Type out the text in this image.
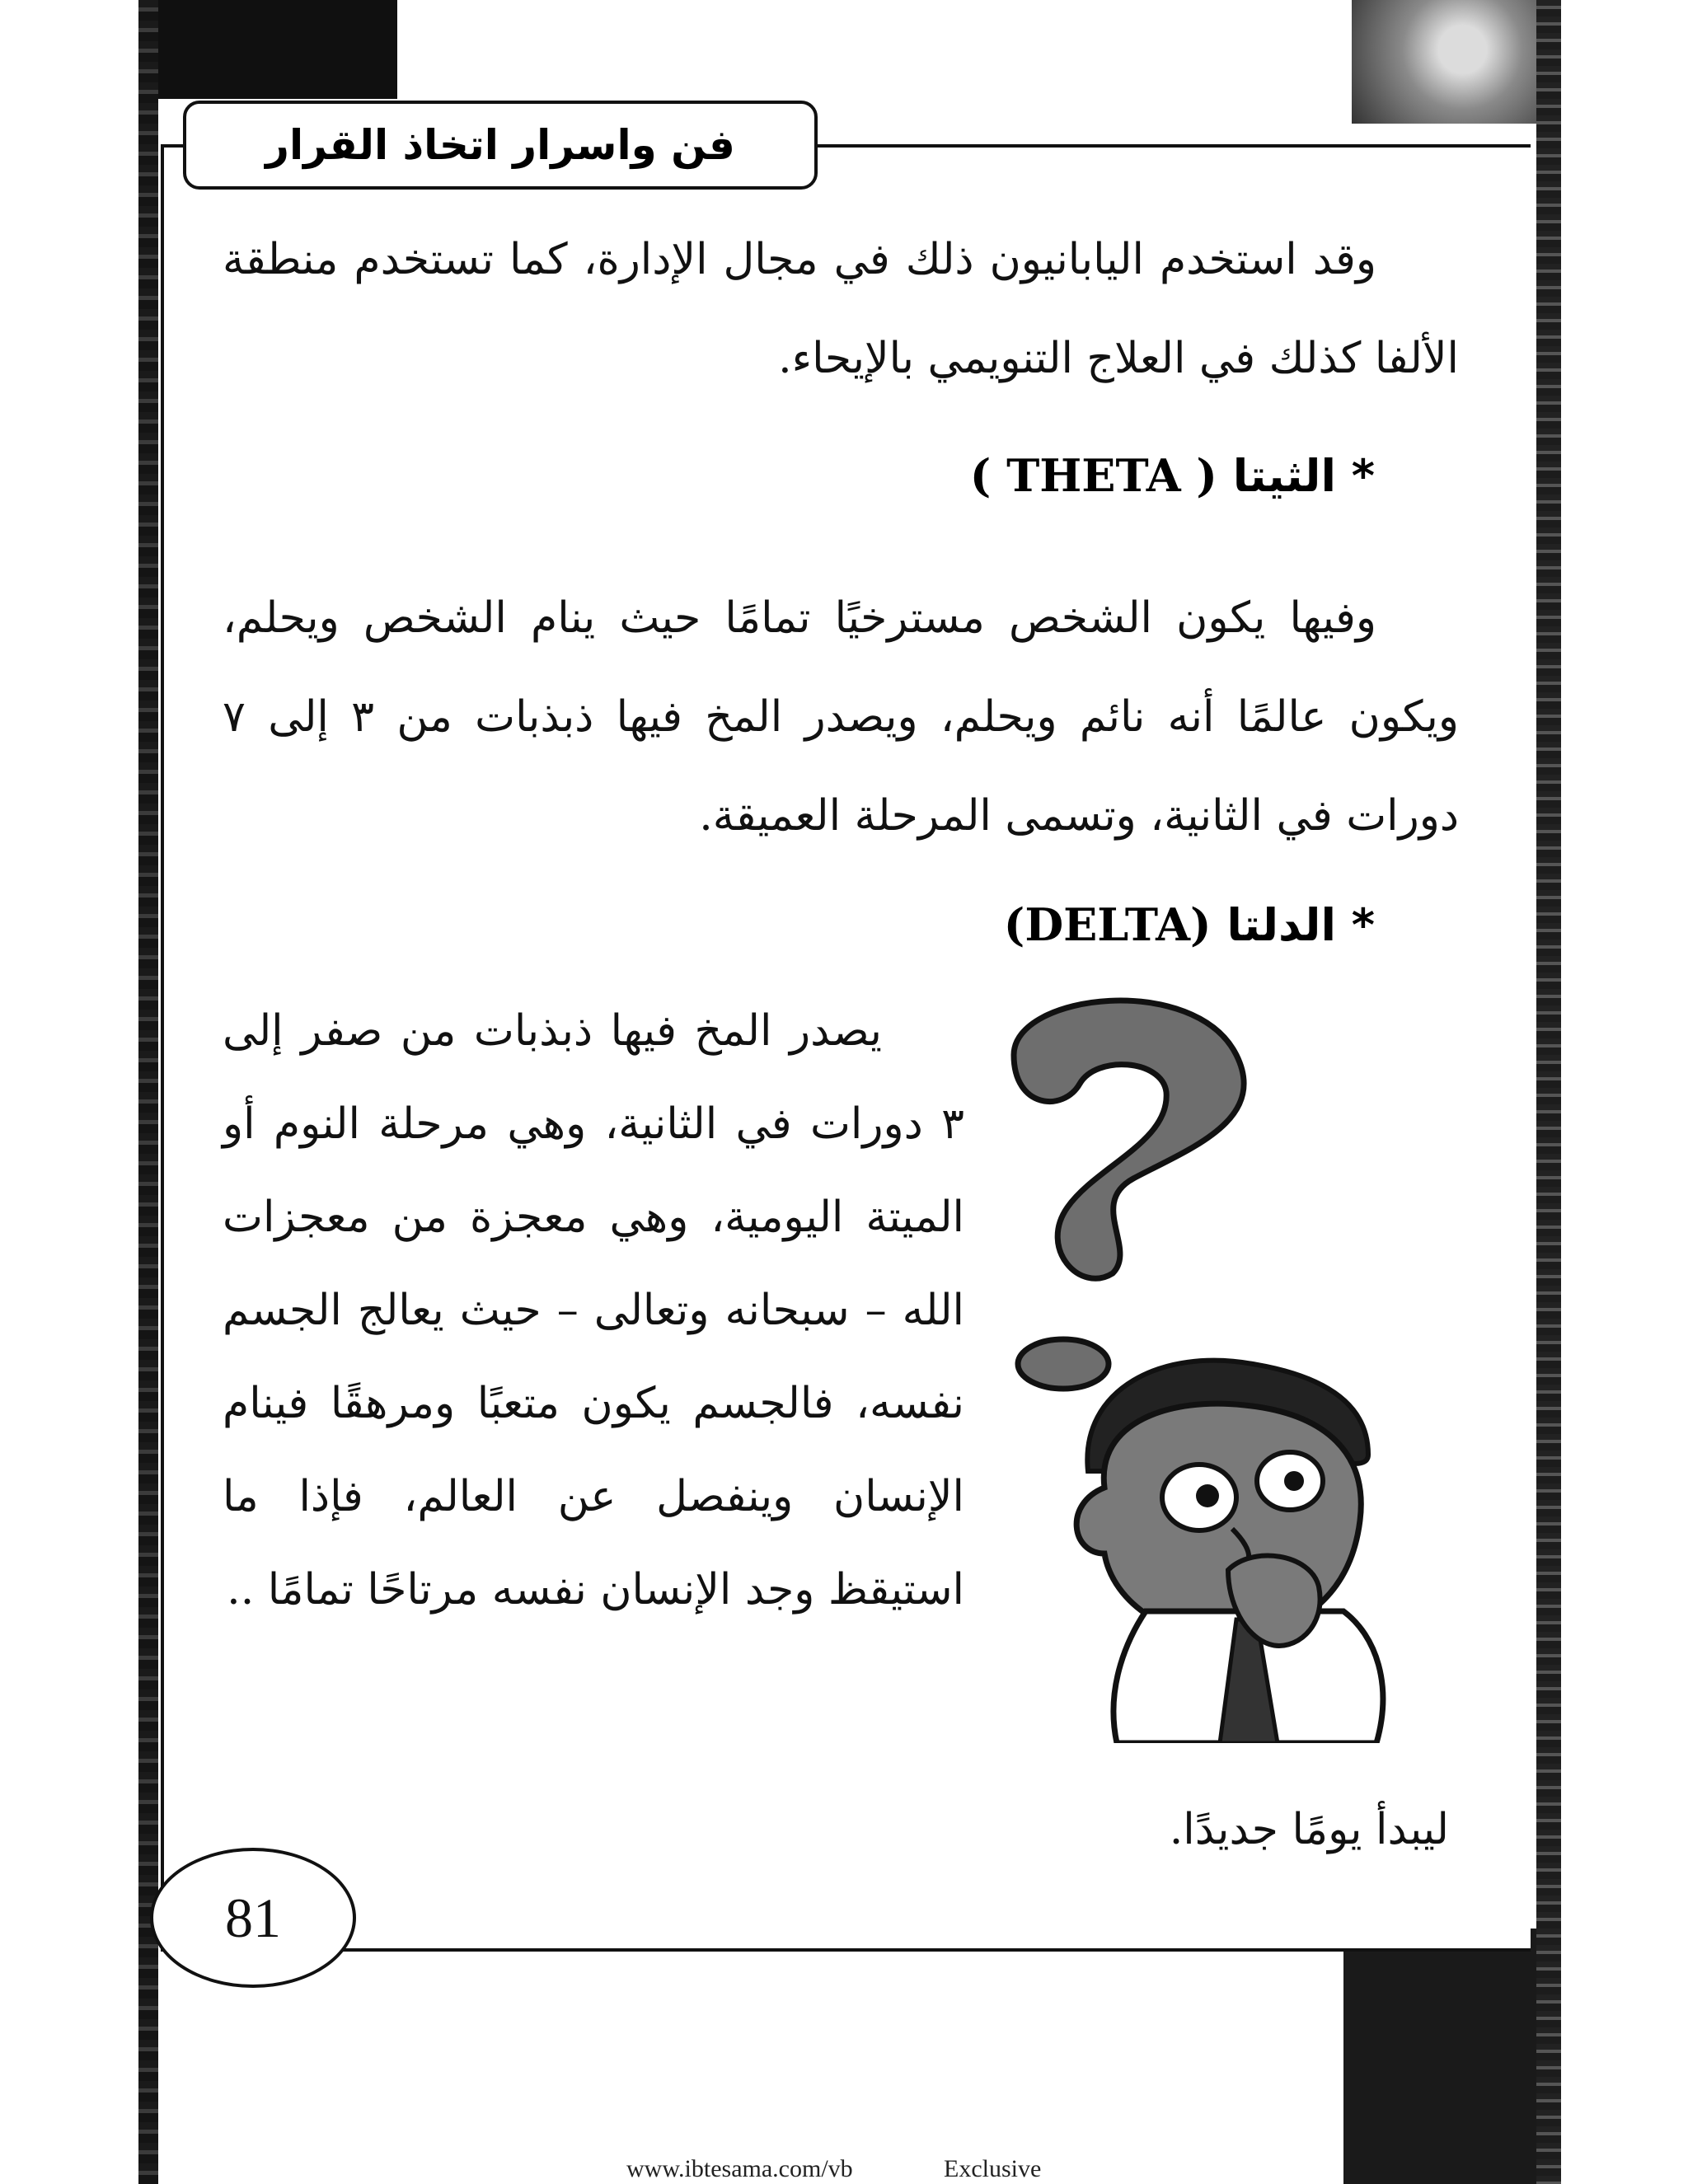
فن واسرار اتخاذ القرار
وقد استخدم اليابانيون ذلك في مجال الإدارة، كما تستخدم منطقة الألفا كذلك في العلاج التنويمي بالإيحاء.
* الثيتا ( THETA )
وفيها يكون الشخص مسترخيًا تمامًا حيث ينام الشخص ويحلم، ويكون عالمًا أنه نائم ويحلم، ويصدر المخ فيها ذبذبات من ٣ إلى ٧ دورات في الثانية، وتسمى المرحلة العميقة.
* الدلتا (DELTA)
يصدر المخ فيها ذبذبات من صفر إلى ٣ دورات في الثانية، وهي مرحلة النوم أو الميتة اليومية، وهي معجزة من معجزات الله – سبحانه وتعالى – حيث يعالج الجسم نفسه، فالجسم يكون متعبًا ومرهقًا فينام الإنسان وينفصل عن العالم، فإذا ما استيقظ وجد الإنسان نفسه مرتاحًا تمامًا ..
ليبدأ يومًا جديدًا.
81
www.ibtesama.com/vb	Exclusive
